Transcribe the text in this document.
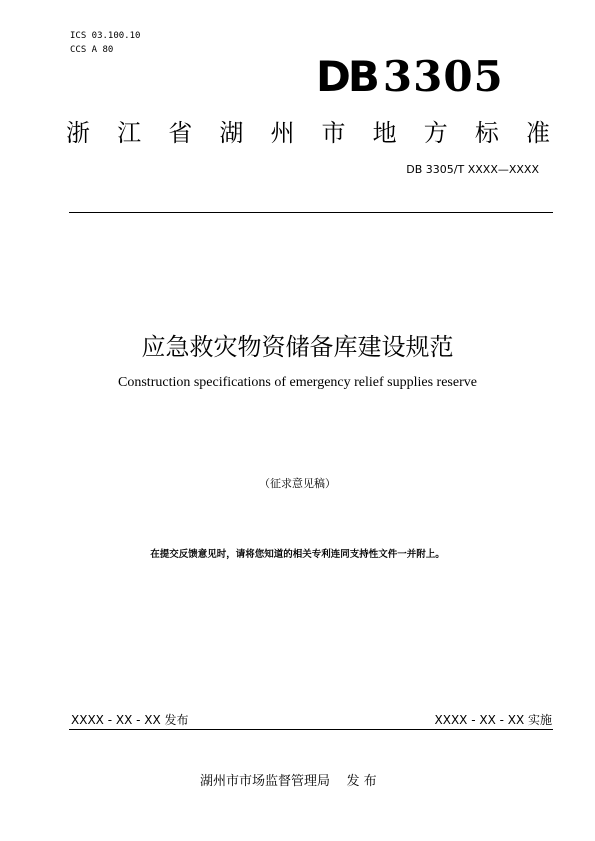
ICS 03.100.10
CCS A 80
DB 3305
浙 江 省 湖 州 市 地 方 标 准
DB 3305/T XXXX—XXXX
应急救灾物资储备库建设规范
Construction specifications of emergency relief supplies reserve
（征求意见稿）
在提交反馈意见时，请将您知道的相关专利连同支持性文件一并附上。
XXXX - XX - XX 发布	XXXX - XX - XX 实施
湖州市市场监督管理局 发 布
